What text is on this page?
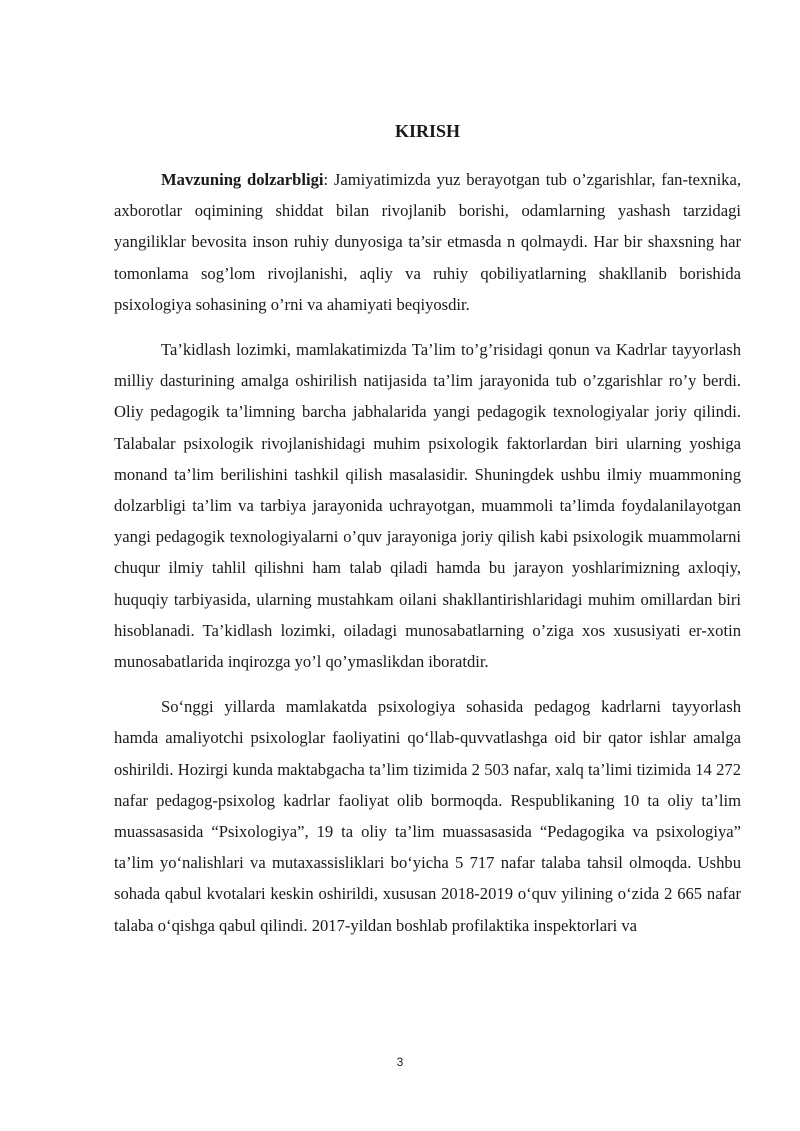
KIRISH

Mavzuning dolzarbligi: Jamiyatimizda yuz berayotgan tub o’zgarishlar, fan-texnika, axborotlar oqimining shiddat bilan rivojlanib borishi, odamlarning yashash tarzidagi yangiliklar bevosita inson ruhiy dunyosiga ta’sir etmasda n qolmaydi. Har bir shaxsning har tomonlama sog’lom rivojlanishi, aqliy va ruhiy qobiliyatlarning shakllanib borishida psixologiya sohasining o’rni va ahamiyati beqiyosdir.

Ta’kidlash lozimki, mamlakatimizda Ta’lim to’g’risidagi qonun va Kadrlar tayyorlash milliy dasturining amalga oshirilish natijasida ta’lim jarayonida tub o’zgarishlar ro’y berdi. Oliy pedagogik ta’limning barcha jabhalarida yangi pedagogik texnologiyalar joriy qilindi. Talabalar psixologik rivojlanishidagi muhim psixologik faktorlardan biri ularning yoshiga monand ta’lim berilishini tashkil qilish masalasidir. Shuningdek ushbu ilmiy muammoning dolzarbligi ta’lim va tarbiya jarayonida uchrayotgan, muammoli ta’limda foydalanilayotgan yangi pedagogik texnologiyalarni o’quv jarayoniga joriy qilish kabi psixologik muammolarni chuqur ilmiy tahlil qilishni ham talab qiladi hamda bu jarayon yoshlarimizning axloqiy, huquqiy tarbiyasida, ularning mustahkam oilani shakllantirishlaridagi muhim omillardan biri hisoblanadi. Ta’kidlash lozimki, oiladagi munosabatlarning o’ziga xos xususiyati er-xotin munosabatlarida inqirozga yo’l qo’ymaslikdan iboratdir.

So‘nggi yillarda mamlakatda psixologiya sohasida pedagog kadrlarni tayyorlash hamda amaliyotchi psixologlar faoliyatini qo‘llab-quvvatlashga oid bir qator ishlar amalga oshirildi. Hozirgi kunda maktabgacha ta’lim tizimida 2 503 nafar, xalq ta’limi tizimida 14 272 nafar pedagog-psixolog kadrlar faoliyat olib bormoqda. Respublikaning 10 ta oliy ta’lim muassasasida “Psixologiya”, 19 ta oliy ta’lim muassasasida “Pedagogika va psixologiya” ta’lim yo‘nalishlari va mutaxassisliklari bo‘yicha 5 717 nafar talaba tahsil olmoqda. Ushbu sohada qabul kvotalari keskin oshirildi, xususan 2018-2019 o‘quv yilining o‘zida 2 665 nafar talaba o‘qishga qabul qilindi. 2017-yildan boshlab profilaktika inspektorlari va

3
